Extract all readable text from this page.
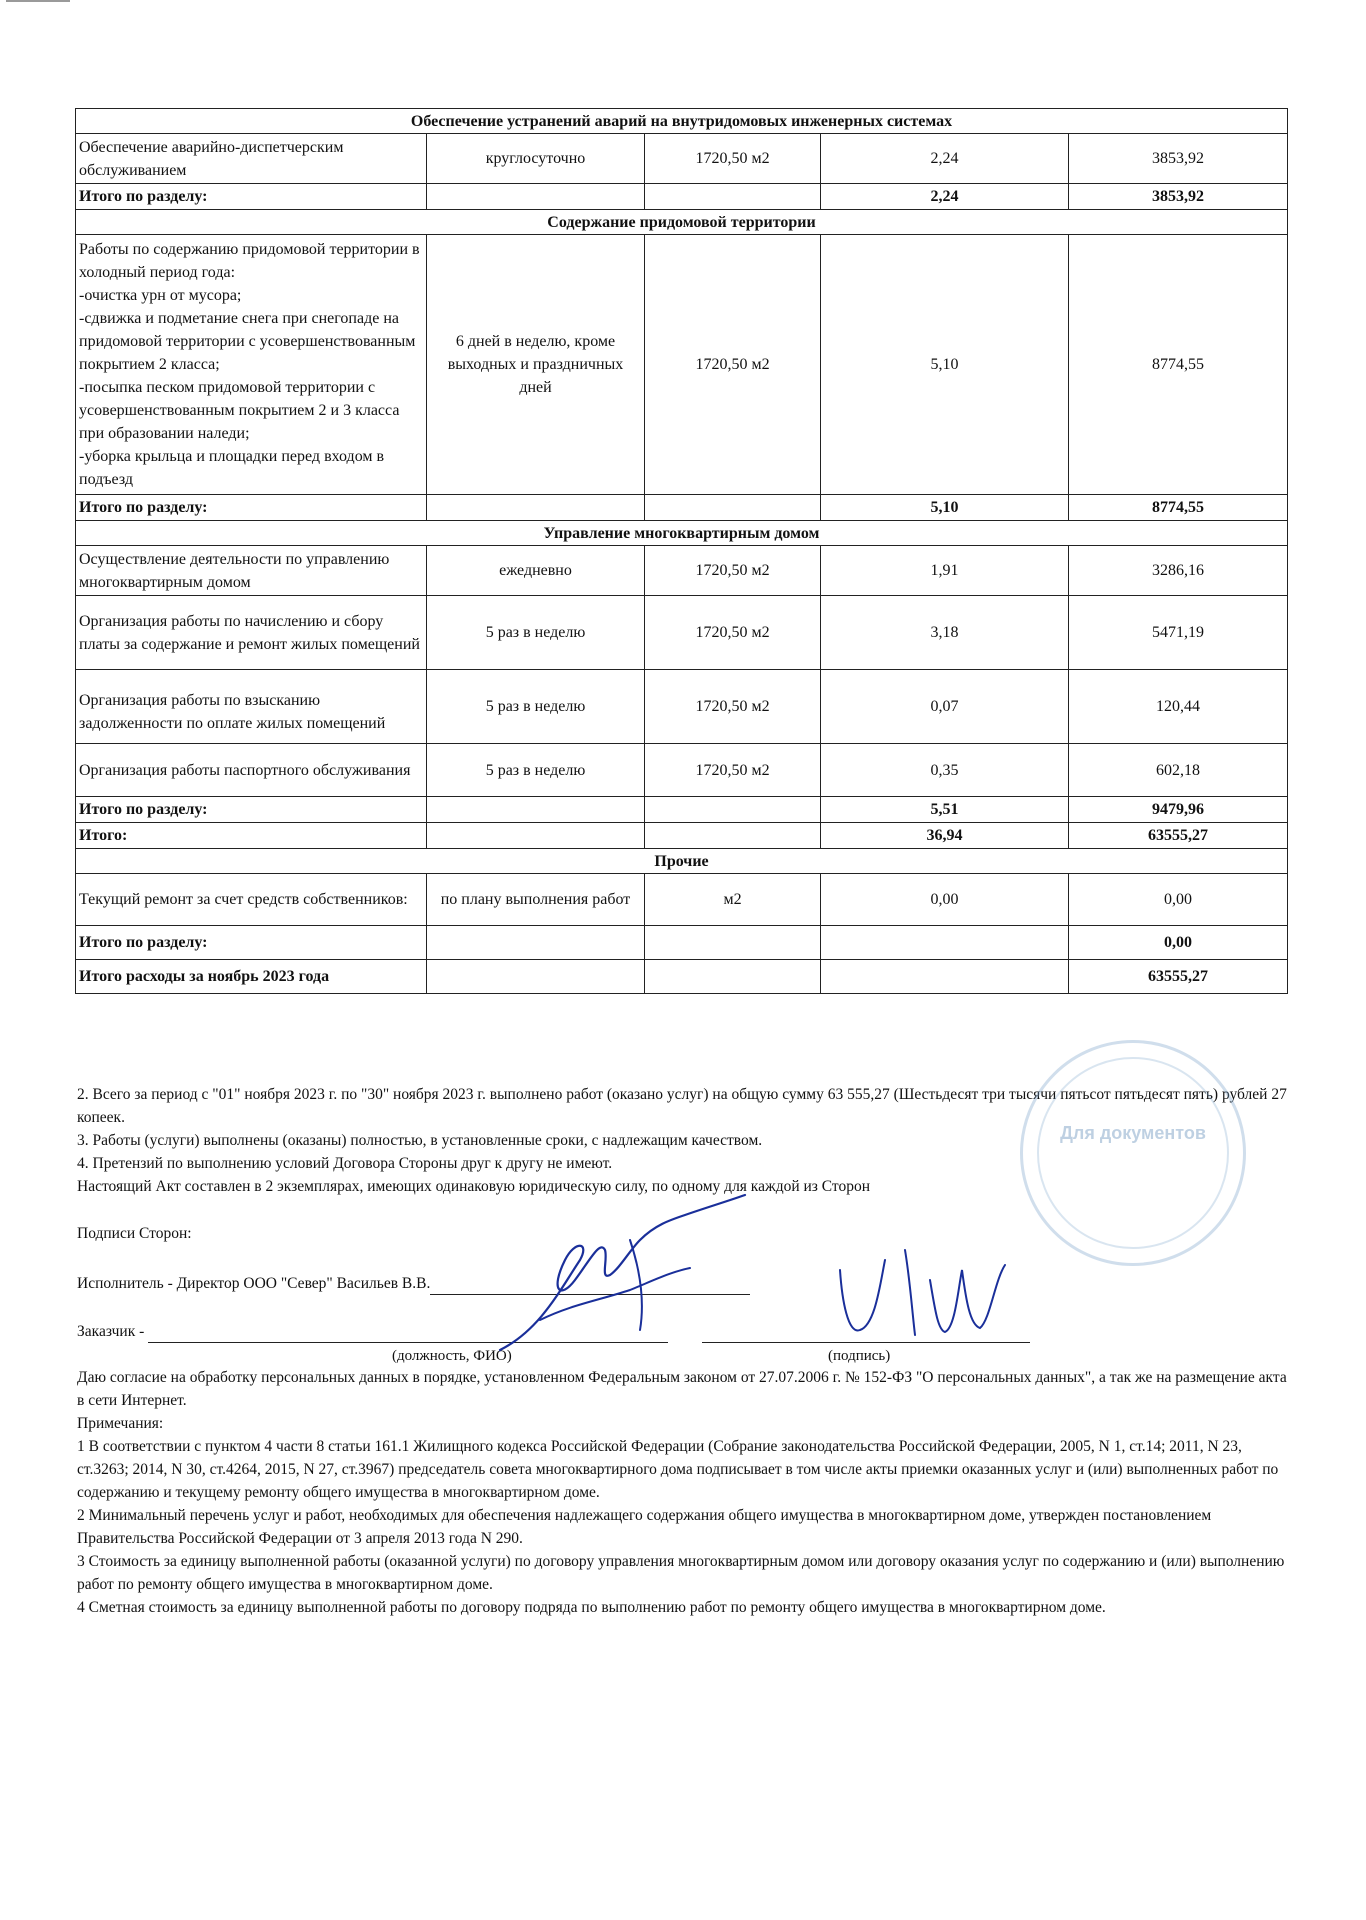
Обеспечение устранений аварий на внутридомовых инженерных системах				
Обеспечение аварийно-диспетчерским обслуживанием	круглосуточно	1720,50 м2	2,24	3853,92
Итого по разделу:			2,24	3853,92
Содержание придомовой территории				
Работы по содержанию придомовой территории в холодный период года:
-очистка урн от мусора;
-сдвижка и подметание снега при снегопаде на придомовой территории с усовершенствованным покрытием 2 класса;
-посыпка песком придомовой территории с усовершенствованным покрытием 2 и 3 класса при образовании наледи;
-уборка крыльца и площадки перед входом в подъезд	6 дней в неделю, кроме выходных и праздничных дней	1720,50 м2	5,10	8774,55
Итого по разделу:			5,10	8774,55
Управление многоквартирным домом				
Осуществление деятельности по управлению многоквартирным домом	ежедневно	1720,50 м2	1,91	3286,16
Организация работы по начислению и сбору платы за содержание и ремонт жилых помещений	5 раз в неделю	1720,50 м2	3,18	5471,19
Организация работы по взысканию задолженности по оплате жилых помещений	5 раз в неделю	1720,50 м2	0,07	120,44
Организация работы паспортного обслуживания	5 раз в неделю	1720,50 м2	0,35	602,18
Итого по разделу:			5,51	9479,96
Итого:			36,94	63555,27
Прочие				
Текущий ремонт за счет средств собственников:	по плану выполнения работ	м2	0,00	0,00
Итого по разделу:				0,00
Итого расходы за ноябрь 2023 года				63555,27

2. Всего за период с "01" ноября 2023 г. по "30" ноября 2023 г. выполнено работ (оказано услуг) на общую сумму 63 555,27 (Шестьдесят три тысячи пятьсот пятьдесят пять) рублей 27 копеек.

3. Работы (услуги) выполнены (оказаны) полностью, в установленные сроки, с надлежащим качеством.

4. Претензий по выполнению условий Договора Стороны друг к другу не имеют.

Настоящий Акт составлен в 2 экземплярах, имеющих одинаковую юридическую силу, по одному для каждой из Сторон

Подписи Сторон:
Исполнитель - Директор ООО "Север" Васильев В.В.
Заказчик -
(должность, ФИО)	(подпись)

Даю согласие на обработку персональных данных в порядке, установленном Федеральным законом от 27.07.2006 г. № 152-ФЗ "О персональных данных", а так же на размещение акта в сети Интернет.

Примечания:

1 В соответствии с пунктом 4 части 8 статьи 161.1 Жилищного кодекса Российской Федерации (Собрание законодательства Российской Федерации, 2005, N 1, ст.14; 2011, N 23, ст.3263; 2014, N 30, ст.4264, 2015, N 27, ст.3967) председатель совета многоквартирного дома подписывает в том числе акты приемки оказанных услуг и (или) выполненных работ по содержанию и текущему ремонту общего имущества в многоквартирном доме.

2 Минимальный перечень услуг и работ, необходимых для обеспечения надлежащего содержания общего имущества в многоквартирном доме, утвержден постановлением Правительства Российской Федерации от 3 апреля 2013 года N 290.

3 Стоимость за единицу выполненной работы (оказанной услуги) по договору управления многоквартирным домом или договору оказания услуг по содержанию и (или) выполнению работ по ремонту общего имущества в многоквартирном доме.

4 Сметная стоимость за единицу выполненной работы по договору подряда по выполнению работ по ремонту общего имущества в многоквартирном доме.

Для документов
